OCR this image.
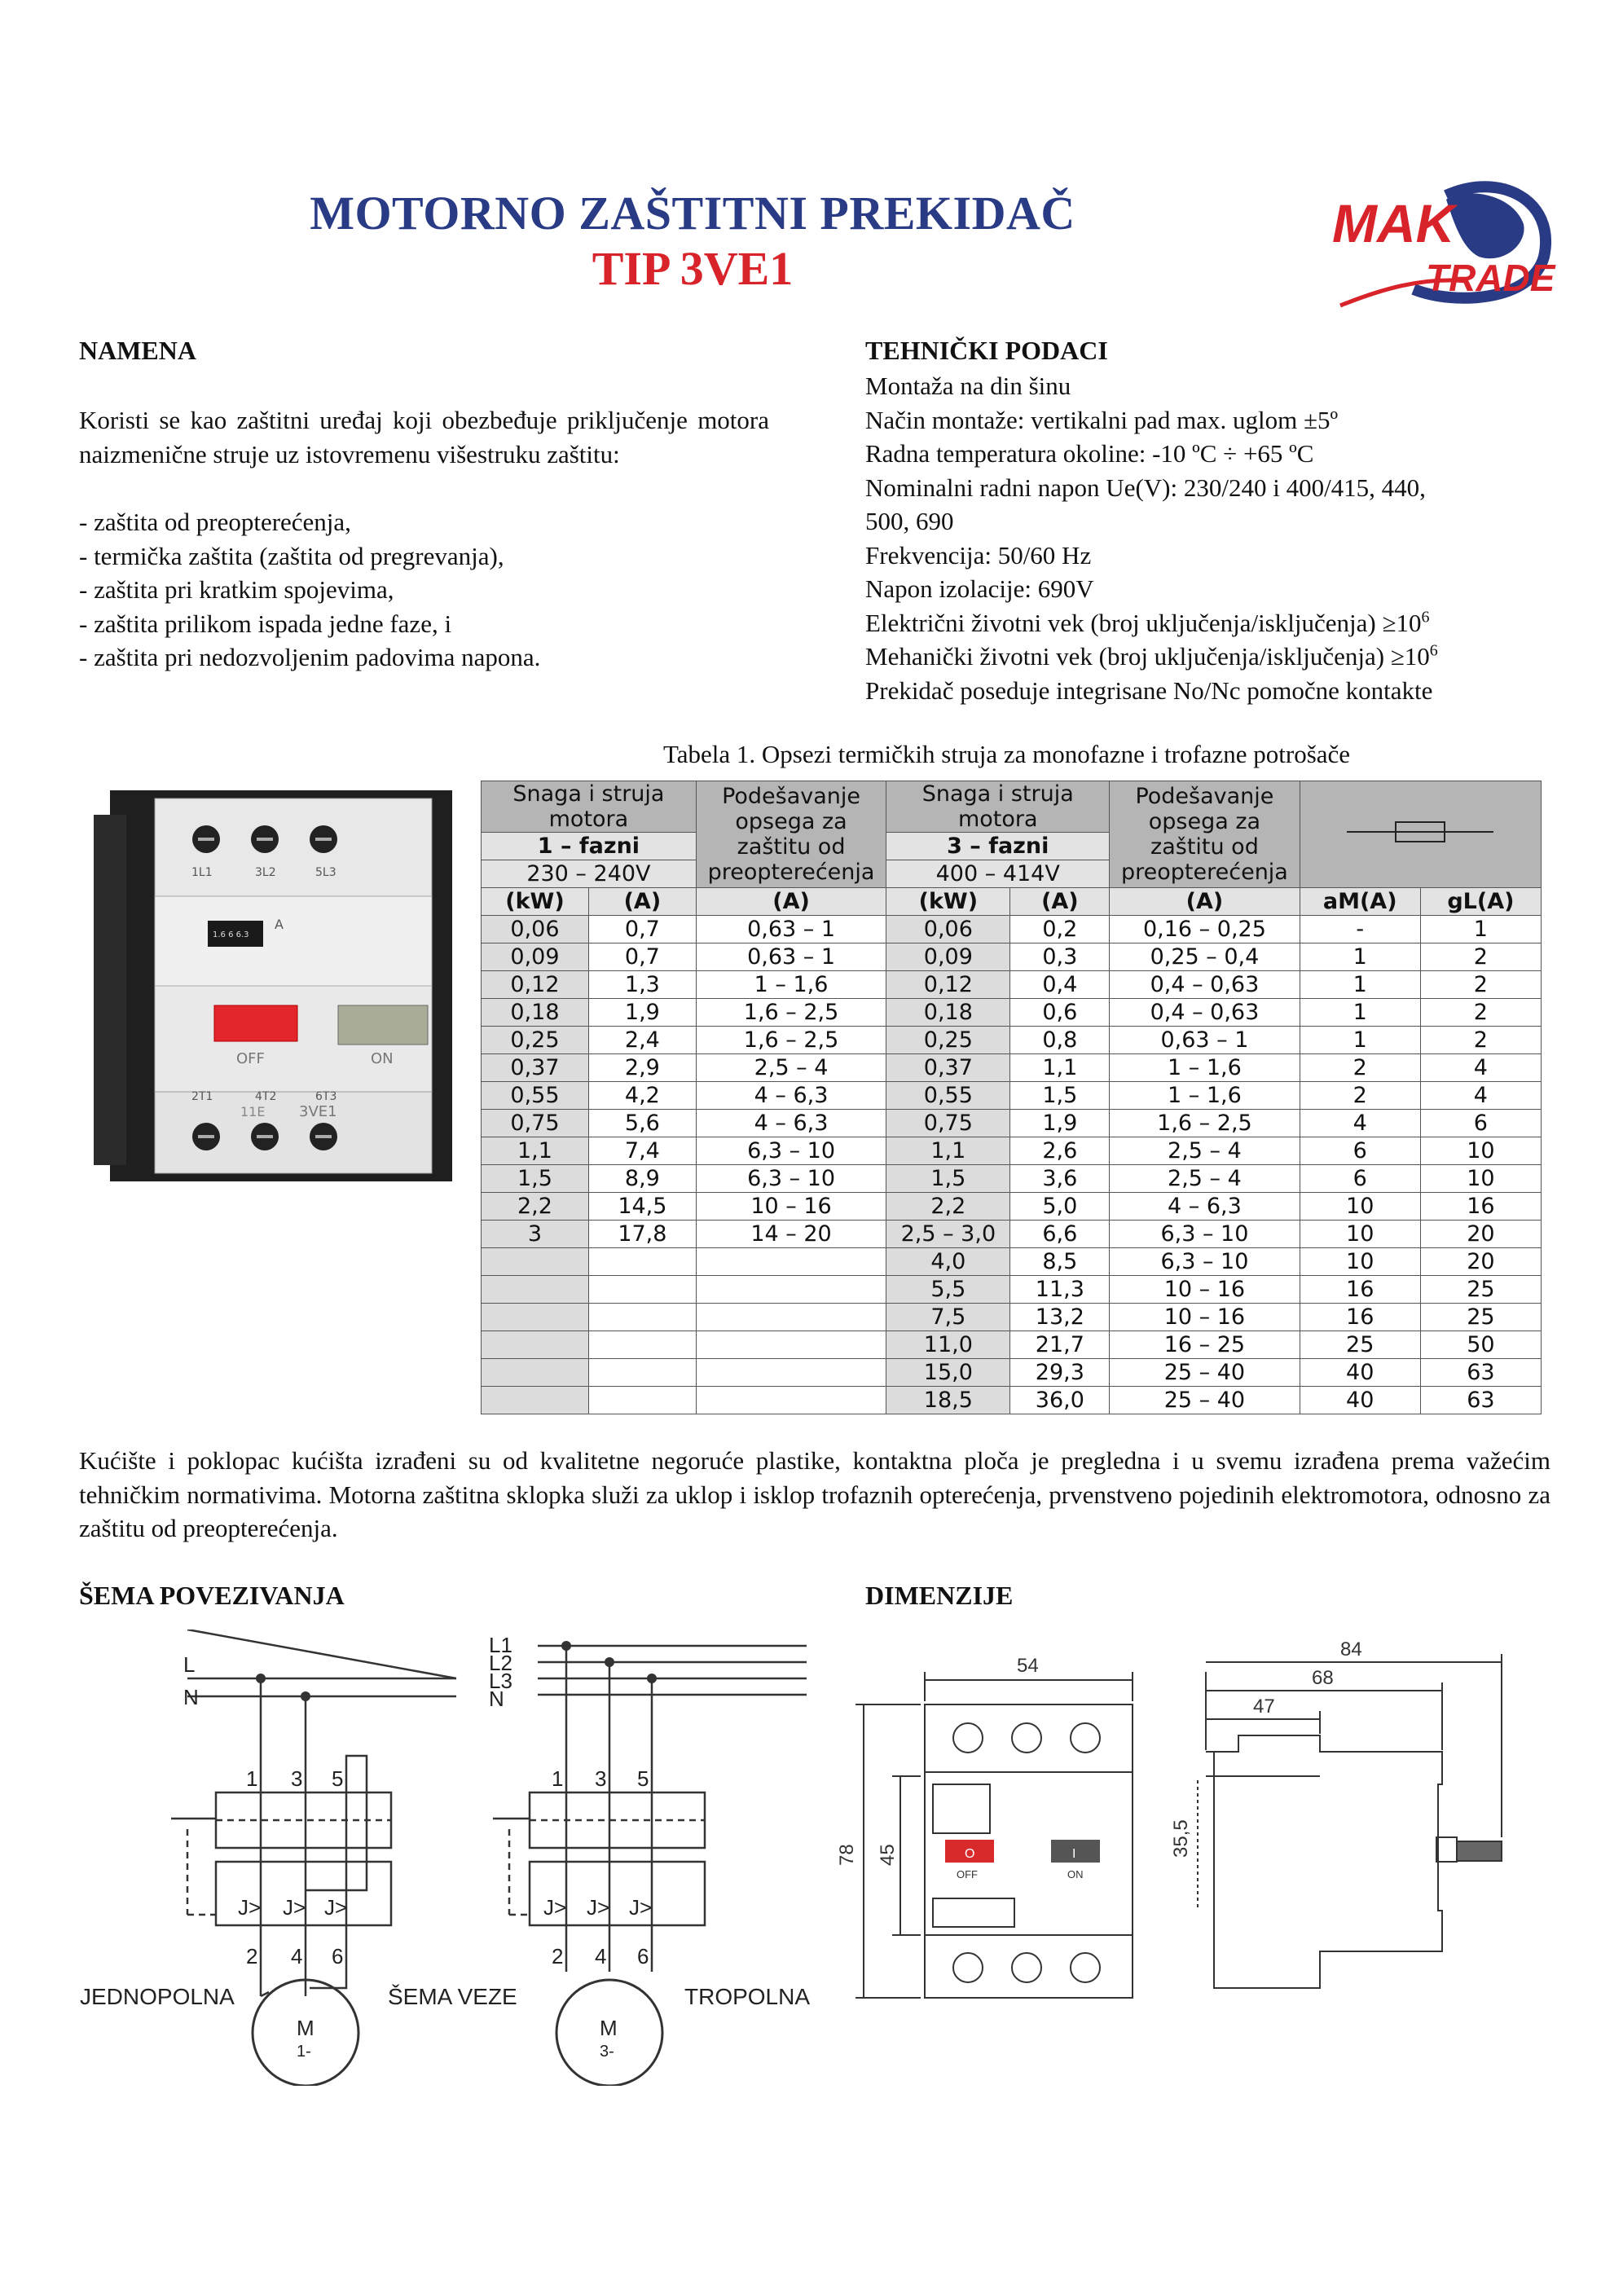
MOTORNO ZAŠTITNI PREKIDAČ
TIP 3VE1
MAK
TRADE
NAMENA
Koristi se kao zaštitni uređaj koji obezbeđuje priključenje motora naizmenične struje uz istovremenu višestruku zaštitu:
- zaštita od preopterećenja,
- termička zaštita (zaštita od pregrevanja),
- zaštita pri kratkim spojevima,
- zaštita prilikom ispada jedne faze, i
- zaštita pri nedozvoljenim padovima napona.
TEHNIČKI PODACI
Montaža na din šinu
Način montaže: vertikalni pad max. uglom ±5º
Radna temperatura okoline: -10 ºC ÷ +65 ºC
Nominalni radni napon Ue(V): 230/240 i 400/415, 440,
500, 690
Frekvencija: 50/60 Hz
Napon izolacije: 690V
Električni životni vek (broj uključenja/isključenja) $\ge 10^6$
Mehanički životni vek (broj uključenja/isključenja) $\ge 10^6$
Prekidač poseduje integrisane No/Nc pomočne kontakte
Tabela 1. Opsezi termičkih struja za monofazne i trofazne potrošače
1L1	3L2	5L3
2T1	4T2	6T3
1.6 6 6.3
A
OFF	ON
3VE1
11E
Snaga i struja motora		Podešavanje opsega za zaštitu od preopterećenja	Snaga i struja motora		Podešavanje opsega za zaštitu od preopterećenja	
1 – fazni			3 – fazni				
230 – 240V			400 – 414V				
(kW)	(A)	(A)	(kW)	(A)	(A)	aM(A)	gL(A)
0,06	0,7	0,63 – 1	0,06	0,2	0,16 – 0,25	-	1
0,09	0,7	0,63 – 1	0,09	0,3	0,25 – 0,4	1	2
0,12	1,3	1 – 1,6	0,12	0,4	0,4 – 0,63	1	2
0,18	1,9	1,6 – 2,5	0,18	0,6	0,4 – 0,63	1	2
0,25	2,4	1,6 – 2,5	0,25	0,8	0,63 – 1	1	2
0,37	2,9	2,5 – 4	0,37	1,1	1 – 1,6	2	4
0,55	4,2	4 – 6,3	0,55	1,5	1 – 1,6	2	4
0,75	5,6	4 – 6,3	0,75	1,9	1,6 – 2,5	4	6
1,1	7,4	6,3 – 10	1,1	2,6	2,5 – 4	6	10
1,5	8,9	6,3 – 10	1,5	3,6	2,5 – 4	6	10
2,2	14,5	10 – 16	2,2	5,0	4 – 6,3	10	16
3	17,8	14 – 20	2,5 – 3,0	6,6	6,3 – 10	10	20
			4,0	8,5	6,3 – 10	10	20
			5,5	11,3	10 – 16	16	25
			7,5	13,2	10 – 16	16	25
			11,0	21,7	16 – 25	25	50
			15,0	29,3	25 – 40	40	63
			18,5	36,0	25 – 40	40	63
Kućište i poklopac kućišta izrađeni su od kvalitetne negoruće plastike, kontaktna ploča je pregledna i u svemu izrađena prema važećim tehničkim normativima. Motorna zaštitna sklopka služi za uklop i isklop trofaznih opterećenja, prvenstveno pojedinih elektromotora, odnosno za zaštitu od preopterećenja.
ŠEMA POVEZIVANJA	DIMENZIJE
L
N
L1
L2
L3
N
1 3 5	1 3 5
J> J> J>	J> J> J>
2 4 6	2 4 6
M
1-
M
3-
JEDNOPOLNA	ŠEMA VEZE	TROPOLNA
O	I
OFF	ON
54
84
68
47
78 45	35,5
